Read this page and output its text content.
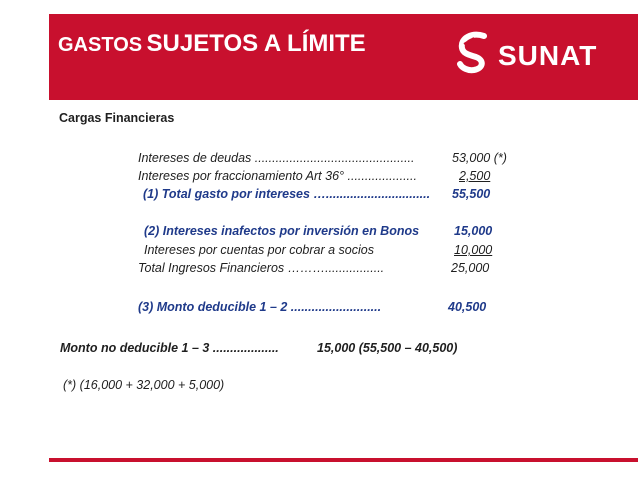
GASTOS SUJETOS A LÍMITE	SUNAT
Cargas Financieras
Intereses de deudas ..............................................	53,000 (*)
Intereses por fraccionamiento Art 36° ....................	2,500
(1) Total gasto por intereses ….............................. 55,500
(2) Intereses inafectos por inversión en Bonos	15,000
Intereses por cuentas por cobrar a socios	10,000
Total Ingresos Financieros ……….................	25,000
(3) Monto deducible 1 – 2 ..........................	40,500
Monto no deducible 1 – 3 ...................	15,000 (55,500 – 40,500)
(*) (16,000 + 32,000 + 5,000)
